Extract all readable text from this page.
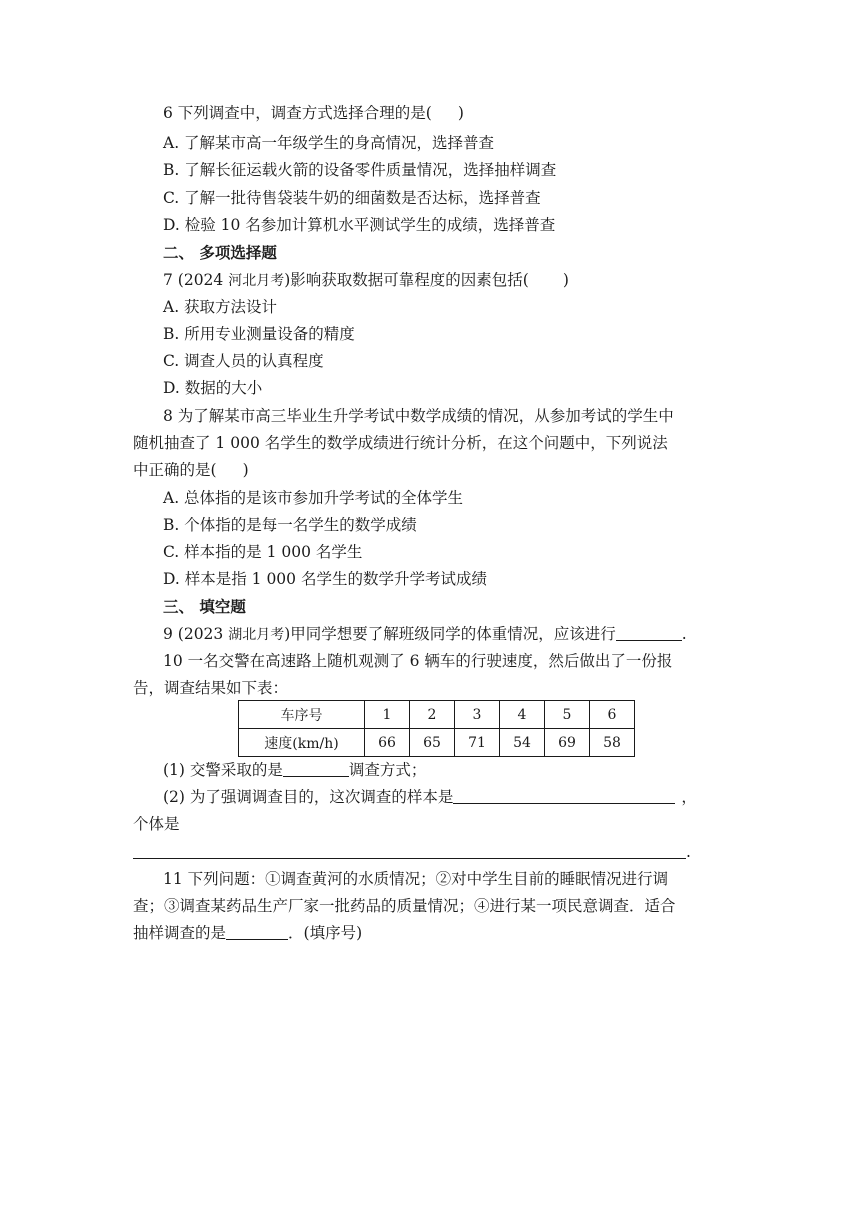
6 下列调查中，调查方式选择合理的是( )
A. 了解某市高一年级学生的身高情况，选择普查
B. 了解长征运载火箭的设备零件质量情况，选择抽样调查
C. 了解一批待售袋装牛奶的细菌数是否达标，选择普查
D. 检验 10 名参加计算机水平测试学生的成绩，选择普查
二、 多项选择题
7 (2024 河北月考)影响获取数据可靠程度的因素包括( )
A. 获取方法设计
B. 所用专业测量设备的精度
C. 调查人员的认真程度
D. 数据的大小
8 为了解某市高三毕业生升学考试中数学成绩的情况，从参加考试的学生中
随机抽查了 1 000 名学生的数学成绩进行统计分析，在这个问题中，下列说法
中正确的是( )
A. 总体指的是该市参加升学考试的全体学生
B. 个体指的是每一名学生的数学成绩
C. 样本指的是 1 000 名学生
D. 样本是指 1 000 名学生的数学升学考试成绩
三、 填空题
9 (2023 湖北月考)甲同学想要了解班级同学的体重情况，应该进行	.
10 一名交警在高速路上随机观测了 6 辆车的行驶速度，然后做出了一份报
告，调查结果如下表：
车序号	1	2	3	4	5	6
速度(km/h)	66	65	71	54	69	58
(1) 交警采取的是	调查方式；
(2) 为了强调调查目的，这次调查的样本是	，
个体是
.
11 下列问题：①调查黄河的水质情况；②对中学生目前的睡眠情况进行调
查；③调查某药品生产厂家一批药品的质量情况；④进行某一项民意调查．适合
抽样调查的是	．(填序号)
